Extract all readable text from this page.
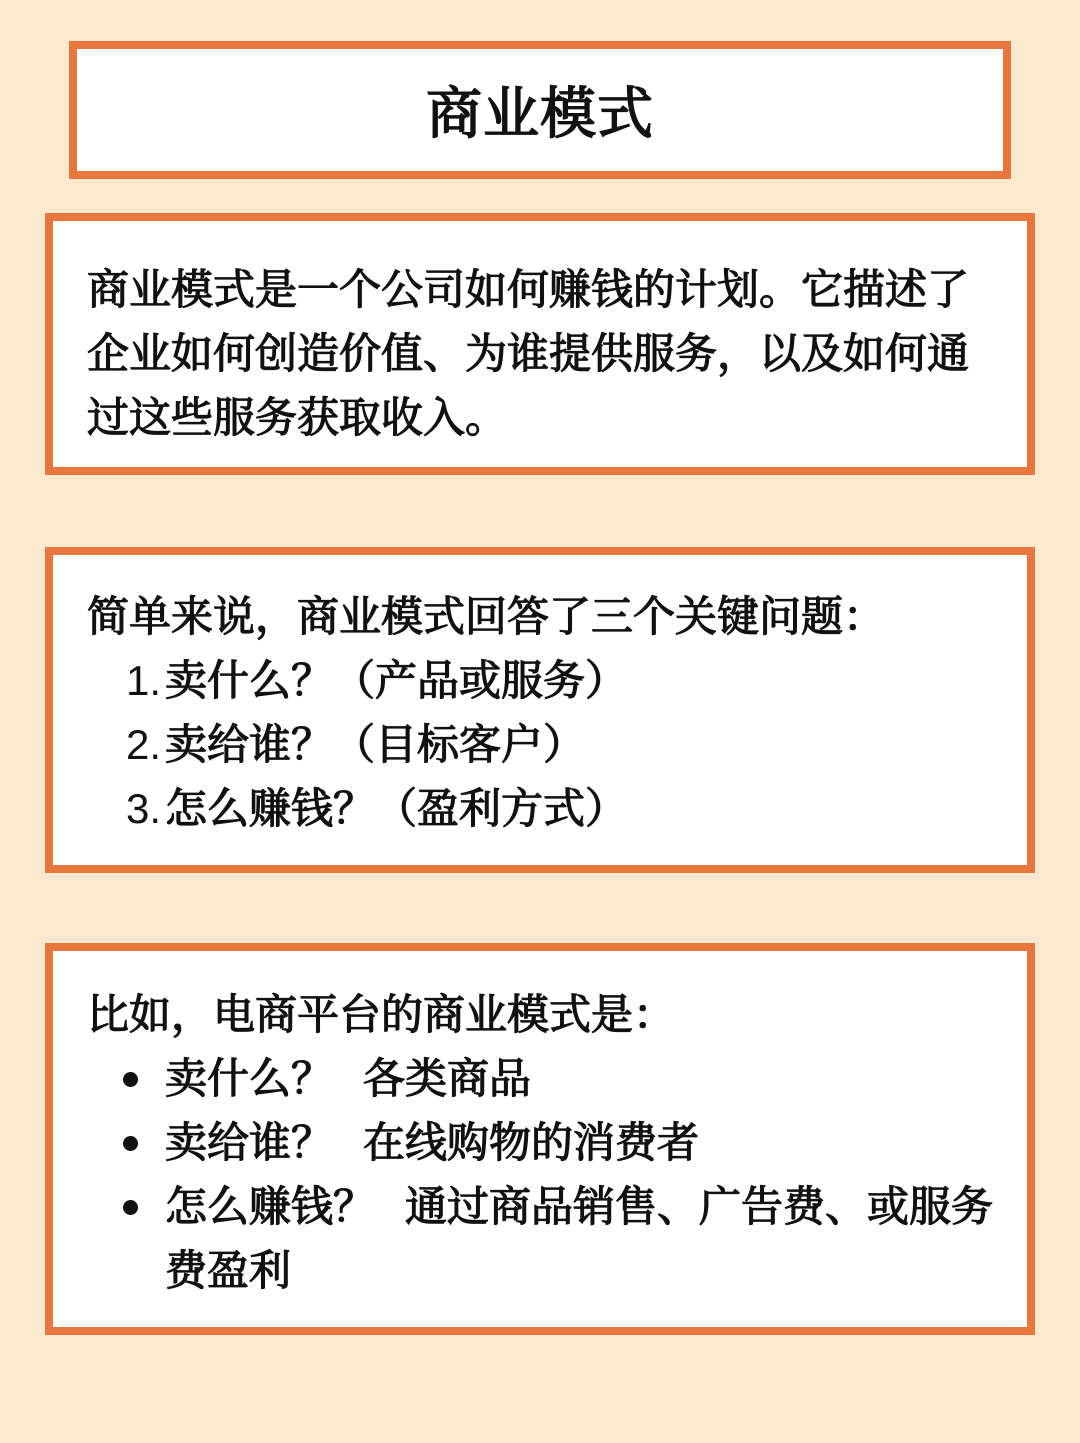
商业模式

商业模式是一个公司如何赚钱的计划。它描述了企业如何创造价值、为谁提供服务，以及如何通过这些服务获取收入。

简单来说，商业模式回答了三个关键问题：

1. 卖什么？（产品或服务）
2. 卖给谁？（目标客户）
3. 怎么赚钱？（盈利方式）

比如，电商平台的商业模式是：

卖什么？ 各类商品
卖给谁？ 在线购物的消费者
怎么赚钱？ 通过商品销售、广告费、或服务费盈利
